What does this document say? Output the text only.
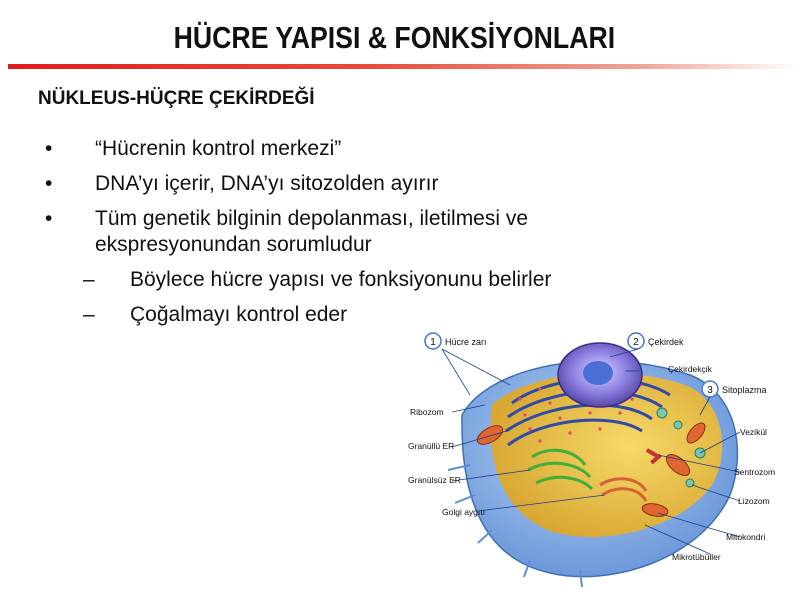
HÜCRE YAPISI & FONKSİYONLARI
NÜKLEUS-HÜÇRE ÇEKİRDEĞİ
• “Hücrenin kontrol merkezi”
• DNA’yı içerir, DNA’yı sitozolden ayırır
• Tüm genetik bilginin depolanması, iletilmesi ve ekspresyonundan sorumludur
– Böylece hücre yapısı ve fonksiyonunu belirler
– Çoğalmayı kontrol eder
1 Hücre zarı	2 Çekirdek
3 Sitoplazma
Çekirdekçik
Ribozom
Granüllü ER
Granülsüz ER
Golgi aygıtı
Vezikül
Sentrozom
Lizozom
Mitokondri
Mikrotübüller
